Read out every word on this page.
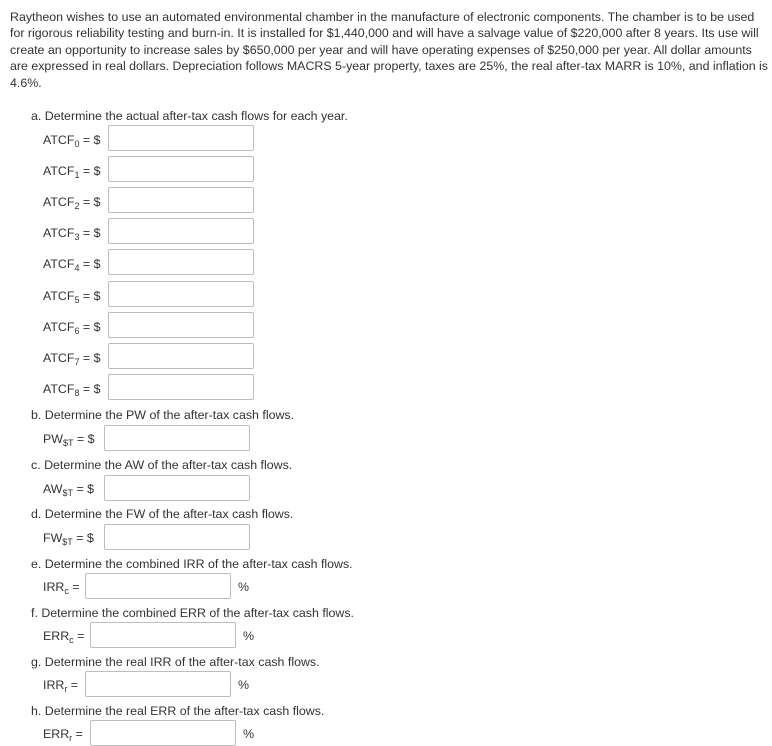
Raytheon wishes to use an automated environmental chamber in the manufacture of electronic components. The chamber is to be used for rigorous reliability testing and burn-in. It is installed for $1,440,000 and will have a salvage value of $220,000 after 8 years. Its use will create an opportunity to increase sales by $650,000 per year and will have operating expenses of $250,000 per year. All dollar amounts are expressed in real dollars. Depreciation follows MACRS 5-year property, taxes are 25%, the real after-tax MARR is 10%, and inflation is 4.6%.

a. Determine the actual after-tax cash flows for each year.

$ATCF_0$ = $
$ATCF_1$ = $
$ATCF_2$ = $
$ATCF_3$ = $
$ATCF_4$ = $
$ATCF_5$ = $
$ATCF_6$ = $
$ATCF_7$ = $
$ATCF_8$ = $

b. Determine the PW of the after-tax cash flows.

$PW_{\$T}$ = $

c. Determine the AW of the after-tax cash flows.

$AW_{\$T}$ = $

d. Determine the FW of the after-tax cash flows.

$FW_{\$T}$ = $

e. Determine the combined IRR of the after-tax cash flows.

$IRR_c$ =	%

f. Determine the combined ERR of the after-tax cash flows.

$ERR_c$ =	%

g. Determine the real IRR of the after-tax cash flows.

$IRR_r$ =	%

h. Determine the real ERR of the after-tax cash flows.

$ERR_r$ =	%
